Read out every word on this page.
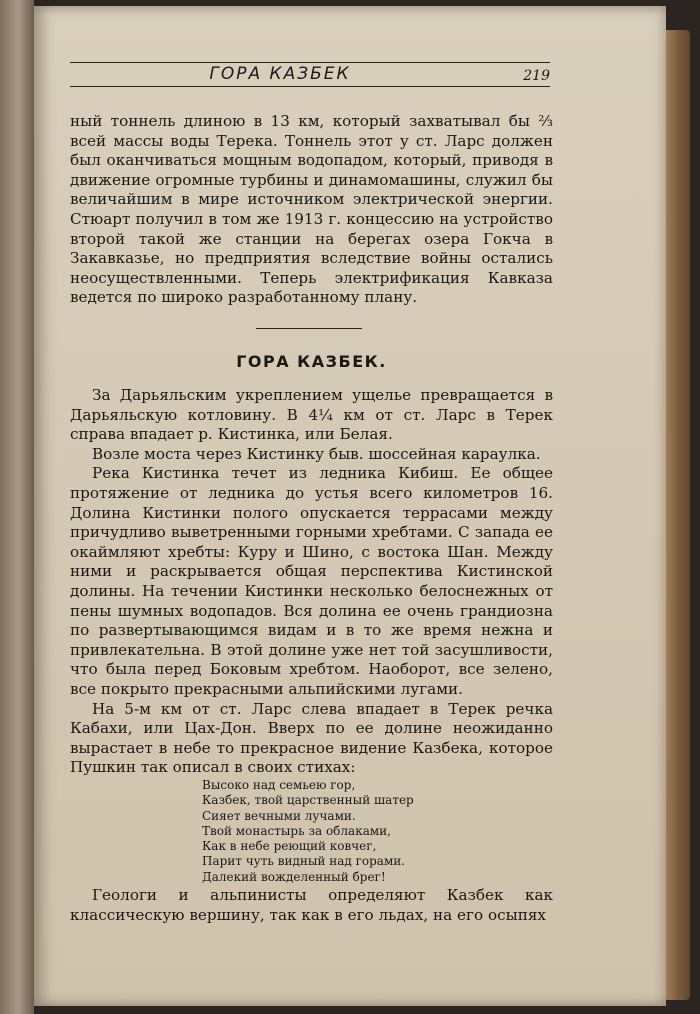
ГОРА КАЗБЕК	219

ный тоннель длиною в 13 км, который захватывал бы ⅔ всей массы воды Терека. Тоннель этот у ст. Ларс должен был оканчиваться мощным водопадом, который, приводя в движение огромные турбины и динамомашины, служил бы величайшим в мире источником электрической энергии. Стюарт получил в том же 1913 г. концессию на устройство второй такой же станции на берегах озера Гокча в Закавказье, но предприятия вследствие войны остались неосуществленными. Теперь электрификация Кавказа ведется по широко разработанному плану.

ГОРА КАЗБЕК.

За Дарьяльским укреплением ущелье превращается в Дарьяльскую котловину. В 4¼ км от ст. Ларс в Терек справа впадает р. Кистинка, или Белая.

Возле моста через Кистинку быв. шоссейная караулка.

Река Кистинка течет из ледника Кибиш. Ее общее протяжение от ледника до устья всего километров 16. Долина Кистинки полого опускается террасами между причудливо выветренными горными хребтами. С запада ее окаймляют хребты: Куру и Шино, с востока Шан. Между ними и раскрывается общая перспектива Кистинской долины. На течении Кистинки несколько белоснежных от пены шумных водопадов. Вся долина ее очень грандиозна по развертывающимся видам и в то же время нежна и привлекательна. В этой долине уже нет той засушливости, что была перед Боковым хребтом. Наоборот, все зелено, все покрыто прекрасными альпийскими лугами.

На 5-м км от ст. Ларс слева впадает в Терек речка Кабахи, или Цах-Дон. Вверх по ее долине неожиданно вырастает в небе то прекрасное видение Казбека, которое Пушкин так описал в своих стихах:

Высоко над семьею гор,
Казбек, твой царственный шатер
Сияет вечными лучами.
Твой монастырь за облаками,
Как в небе реющий ковчег,
Парит чуть видный над горами.
Далекий вожделенный брег!

Геологи и альпинисты определяют Казбек как классическую вершину, так как в его льдах, на его осыпях
